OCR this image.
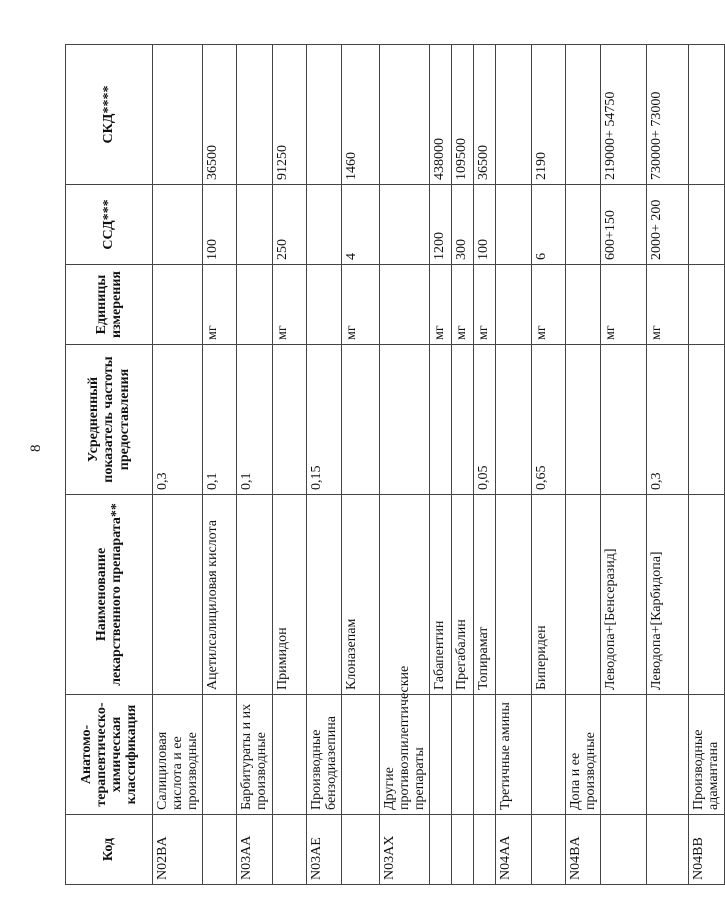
8
Код	Анатомо-терапевтическо-химическая классификация	Наименование лекарственного препарата**	Усредненный показатель частоты предоставления	Единицы измерения	ССД***	СКД****
N02BA	Салициловая кислота и ее производные		0,3			
		Ацетилсалициловая кислота	0,1	мг	100	36500
N03AA	Барбитураты и их производные		0,1			
		Примидон		мг	250	91250
N03AE	Производные бензодиазепина		0,15			
		Клоназепам		мг	4	1460
N03AX	Другие противоэпилептические препараты					
		Габапентин		мг	1200	438000
		Прегабалин		мг	300	109500
		Топирамат	0,05	мг	100	36500
N04AA	Третичные амины					
		Бипериден	0,65	мг	6	2190
N04BA	Допа и ее производные					
		Леводопа+[Бенсеразид]		мг	600+150	219000+ 54750
		Леводопа+[Карбидопа]	0,3	мг	2000+ 200	730000+ 73000
N04BB	Производные адамантана					
